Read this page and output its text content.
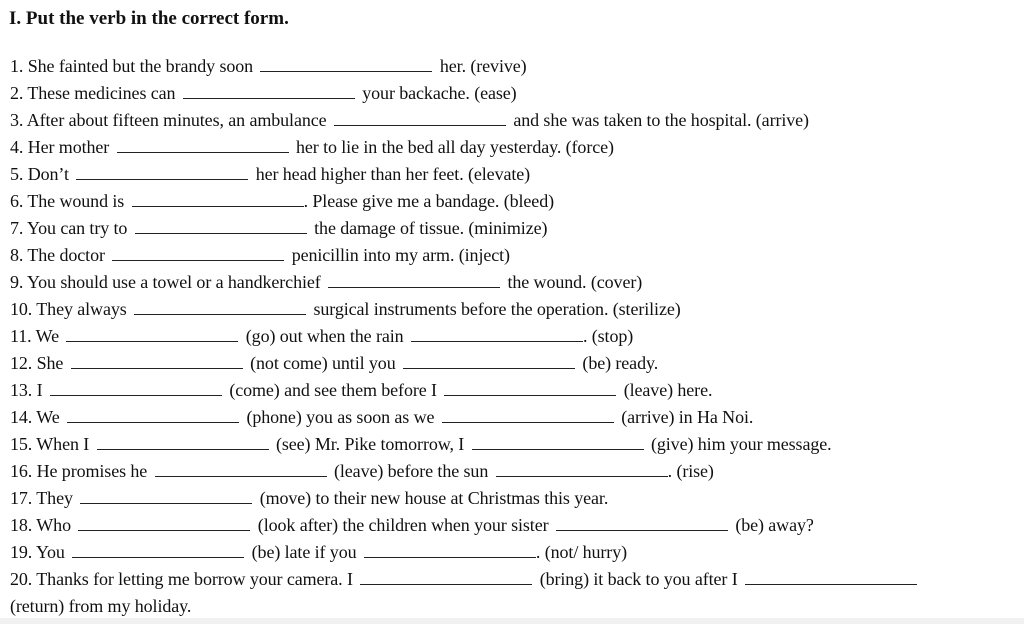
I. Put the verb in the correct form.
1. She fainted but the brandy soon	her. (revive)
2. These medicines can	your backache. (ease)
3. After about fifteen minutes, an ambulance	and she was taken to the hospital. (arrive)
4. Her mother	her to lie in the bed all day yesterday. (force)
5. Don’t	her head higher than her feet. (elevate)
6. The wound is	. Please give me a bandage. (bleed)
7. You can try to	the damage of tissue. (minimize)
8. The doctor	penicillin into my arm. (inject)
9. You should use a towel or a handkerchief	the wound. (cover)
10. They always	surgical instruments before the operation. (sterilize)
11. We	(go) out when the rain	. (stop)
12. She	(not come) until you	(be) ready.
13. I	(come) and see them before I	(leave) here.
14. We	(phone) you as soon as we	(arrive) in Ha Noi.
15. When I	(see) Mr. Pike tomorrow, I	(give) him your message.
16. He promises he	(leave) before the sun	. (rise)
17. They	(move) to their new house at Christmas this year.
18. Who	(look after) the children when your sister	(be) away?
19. You	(be) late if you	. (not/ hurry)
20. Thanks for letting me borrow your camera. I	(bring) it back to you after I
(return) from my holiday.
